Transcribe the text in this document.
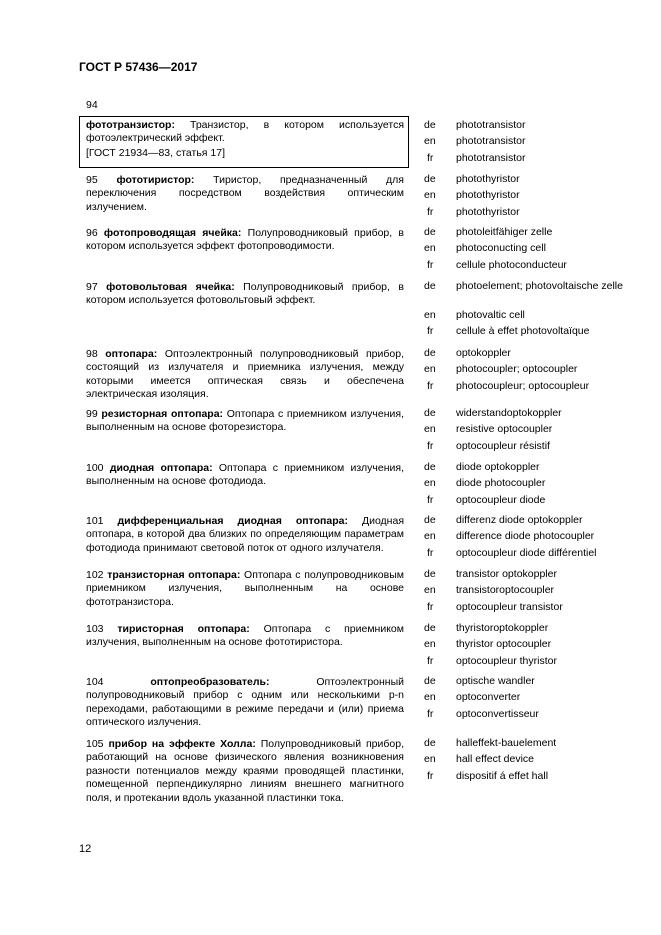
ГОСТ Р 57436—2017
94

фототранзистор: Транзистор, в котором используется фотоэлектрический эффект.

[ГОСТ 21934—83, статья 17]

de	phototransistor
en	phototransistor
fr	phototransistor

95 фототиристор: Тиристор, предназначенный для переключения посредством воздействия оптическим излучением.

de	photothyristor
en	photothyristor
fr	photothyristor

96 фотопроводящая ячейка: Полупроводниковый прибор, в котором используется эффект фотопроводимости.

de	photoleitfähiger zelle
en	photoconucting cell
fr	cellule photoconducteur

97 фотовольтовая ячейка: Полупроводниковый прибор, в котором используется фотовольтовый эффект.

de	photoelement; photovoltaische zelle
en	photovaltic cell
fr	cellule à effet photovoltaïque

98 оптопара: Оптоэлектронный полупроводниковый прибор, состоящий из излучателя и приемника излучения, между которыми имеется оптическая связь и обеспечена электрическая изоляция.

de	optokoppler
en	photocoupler; optocoupler
fr	photocoupleur; optocoupleur

99 резисторная оптопара: Оптопара с приемником излучения, выполненным на основе фоторезистора.

de	widerstandoptokoppler
en	resistive optocoupler
fr	optocoupleur résistif

100 диодная оптопара: Оптопара с приемником излучения, выполненным на основе фотодиода.

de	diode optokoppler
en	diode photocoupler
fr	optocoupleur diode

101 дифференциальная диодная оптопара: Диодная оптопара, в которой два близких по определяющим параметрам фотодиода принимают световой поток от одного излучателя.

de	differenz diode optokoppler
en	difference diode photocoupler
fr	optocoupleur diode différentiel

102 транзисторная оптопара: Оптопара с полупроводниковым приемником излучения, выполненным на основе фототранзистора.

de	transistor optokoppler
en	transistoroptocoupler
fr	optocoupleur transistor

103 тиристорная оптопара: Оптопара с приемником излучения, выполненным на основе фототиристора.

de	thyristoroptokoppler
en	thyristor optocoupler
fr	optocoupleur thyristor

104 оптопреобразователь: Оптоэлектронный полупроводниковый прибор с одним или несколькими p-n переходами, работающими в режиме передачи и (или) приема оптического излучения.

de	optische wandler
en	optoconverter
fr	optoconvertisseur

105 прибор на эффекте Холла: Полупроводниковый прибор, работающий на основе физического явления возникновения разности потенциалов между краями проводящей пластинки, помещенной перпендикулярно линиям внешнего магнитного поля, и протекании вдоль указанной пластинки тока.

de	halleffekt-bauelement
en	hall effect device
fr	dispositif á effet hall
12
